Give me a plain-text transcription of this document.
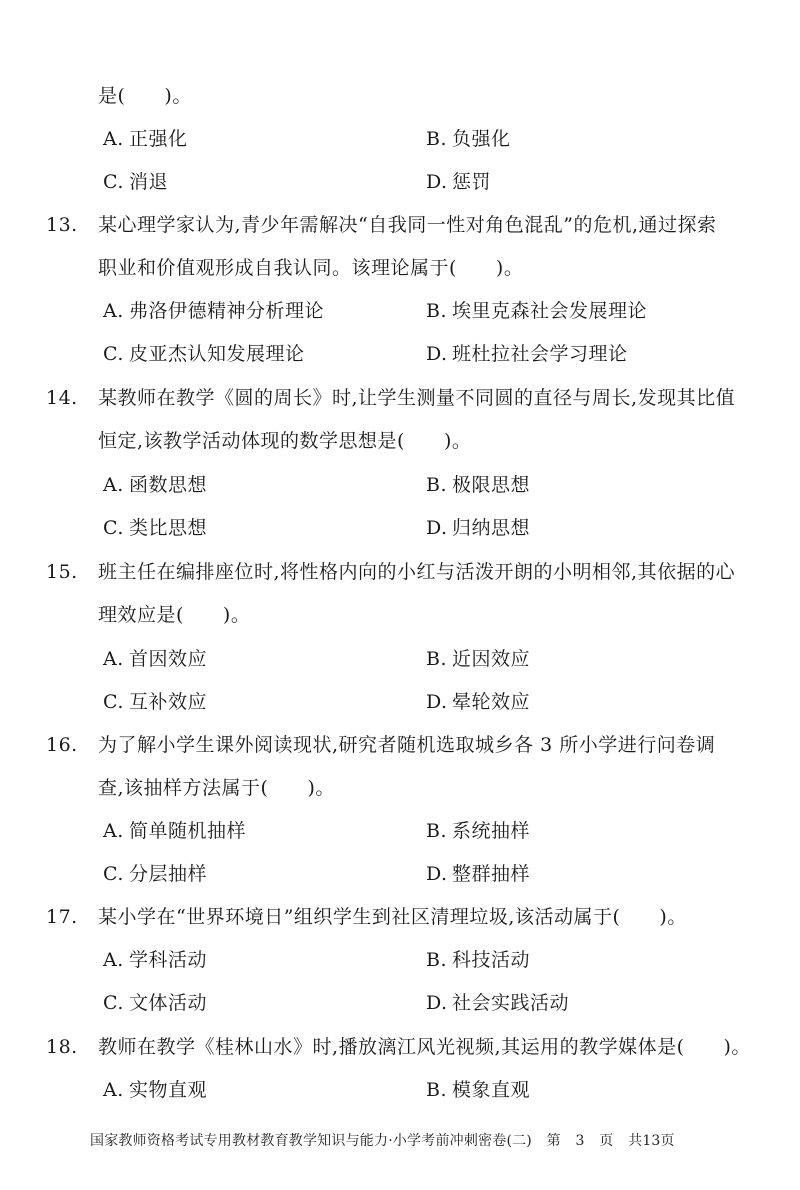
是(　　)。
A. 正强化	B. 负强化
C. 消退	D. 惩罚
13. 某心理学家认为,青少年需解决“自我同一性对角色混乱”的危机,通过探索
职业和价值观形成自我认同。该理论属于(　　)。
A. 弗洛伊德精神分析理论	B. 埃里克森社会发展理论
C. 皮亚杰认知发展理论	D. 班杜拉社会学习理论
14. 某教师在教学《圆的周长》时,让学生测量不同圆的直径与周长,发现其比值
恒定,该教学活动体现的数学思想是(　　)。
A. 函数思想	B. 极限思想
C. 类比思想	D. 归纳思想
15. 班主任在编排座位时,将性格内向的小红与活泼开朗的小明相邻,其依据的心
理效应是(　　)。
A. 首因效应	B. 近因效应
C. 互补效应	D. 晕轮效应
16. 为了解小学生课外阅读现状,研究者随机选取城乡各 3 所小学进行问卷调
查,该抽样方法属于(　　)。
A. 简单随机抽样	B. 系统抽样
C. 分层抽样	D. 整群抽样
17. 某小学在“世界环境日”组织学生到社区清理垃圾,该活动属于(　　)。
A. 学科活动	B. 科技活动
C. 文体活动	D. 社会实践活动
18. 教师在教学《桂林山水》时,播放漓江风光视频,其运用的教学媒体是(　　)。
A. 实物直观	B. 模象直观
国家教师资格考试专用教材教育教学知识与能力·小学考前冲刺密卷(二) 第 3 页 共13页
